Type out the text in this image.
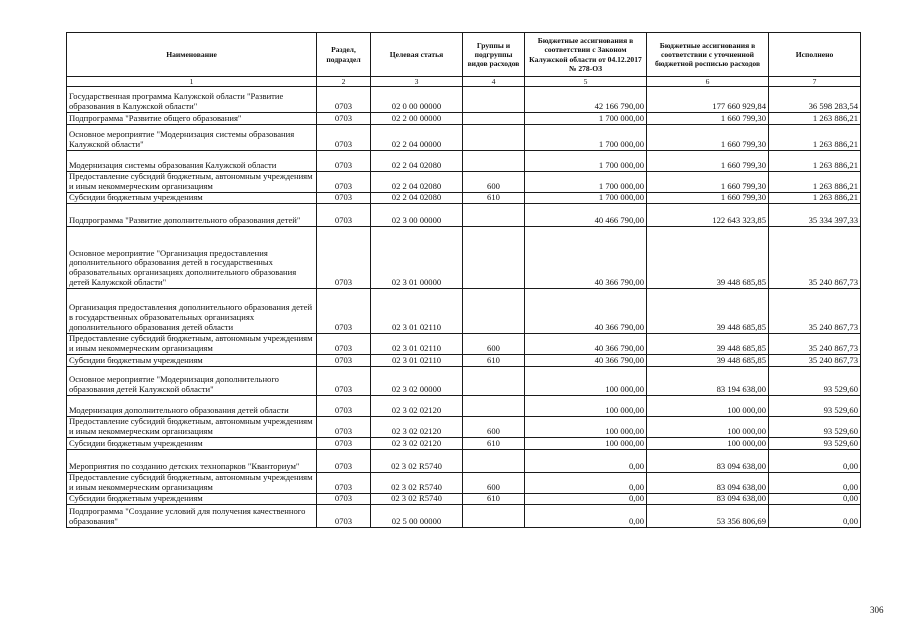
Наименование	Раздел, подраздел	Целевая статья	Группы и подгруппы видов расходов	Бюджетные ассигнования в соответствии с Законом Калужской области от 04.12.2017 № 278-ОЗ	Бюджетные ассигнования в соответствии с уточненной бюджетной росписью расходов	Исполнено
1	2	3	4	5	6	7
Государственная программа Калужской области "Развитие образования в Калужской области"	0703	02 0 00 00000		42 166 790,00	177 660 929,84	36 598 283,54
Подпрограмма "Развитие общего образования"	0703	02 2 00 00000		1 700 000,00	1 660 799,30	1 263 886,21
Основное мероприятие "Модернизация системы образования Калужской области"	0703	02 2 04 00000		1 700 000,00	1 660 799,30	1 263 886,21
Модернизация системы образования Калужской области	0703	02 2 04 02080		1 700 000,00	1 660 799,30	1 263 886,21
Предоставление субсидий бюджетным, автономным учреждениям и иным некоммерческим организациям	0703	02 2 04 02080	600	1 700 000,00	1 660 799,30	1 263 886,21
Субсидии бюджетным учреждениям	0703	02 2 04 02080	610	1 700 000,00	1 660 799,30	1 263 886,21
Подпрограмма "Развитие дополнительного образования детей"	0703	02 3 00 00000		40 466 790,00	122 643 323,85	35 334 397,33
Основное мероприятие "Организация предоставления дополнительного образования детей в государственных образовательных организациях дополнительного образования детей Калужской области"	0703	02 3 01 00000		40 366 790,00	39 448 685,85	35 240 867,73
Организация предоставления дополнительного образования детей в государственных образовательных организациях дополнительного образования детей области	0703	02 3 01 02110		40 366 790,00	39 448 685,85	35 240 867,73
Предоставление субсидий бюджетным, автономным учреждениям и иным некоммерческим организациям	0703	02 3 01 02110	600	40 366 790,00	39 448 685,85	35 240 867,73
Субсидии бюджетным учреждениям	0703	02 3 01 02110	610	40 366 790,00	39 448 685,85	35 240 867,73
Основное мероприятие "Модернизация дополнительного образования детей Калужской области"	0703	02 3 02 00000		100 000,00	83 194 638,00	93 529,60
Модернизация дополнительного образования детей области	0703	02 3 02 02120		100 000,00	100 000,00	93 529,60
Предоставление субсидий бюджетным, автономным учреждениям и иным некоммерческим организациям	0703	02 3 02 02120	600	100 000,00	100 000,00	93 529,60
Субсидии бюджетным учреждениям	0703	02 3 02 02120	610	100 000,00	100 000,00	93 529,60
Мероприятия по созданию детских технопарков "Кванториум"	0703	02 3 02 R5740		0,00	83 094 638,00	0,00
Предоставление субсидий бюджетным, автономным учреждениям и иным некоммерческим организациям	0703	02 3 02 R5740	600	0,00	83 094 638,00	0,00
Субсидии бюджетным учреждениям	0703	02 3 02 R5740	610	0,00	83 094 638,00	0,00
Подпрограмма "Создание условий для получения качественного образования"	0703	02 5 00 00000		0,00	53 356 806,69	0,00
306
